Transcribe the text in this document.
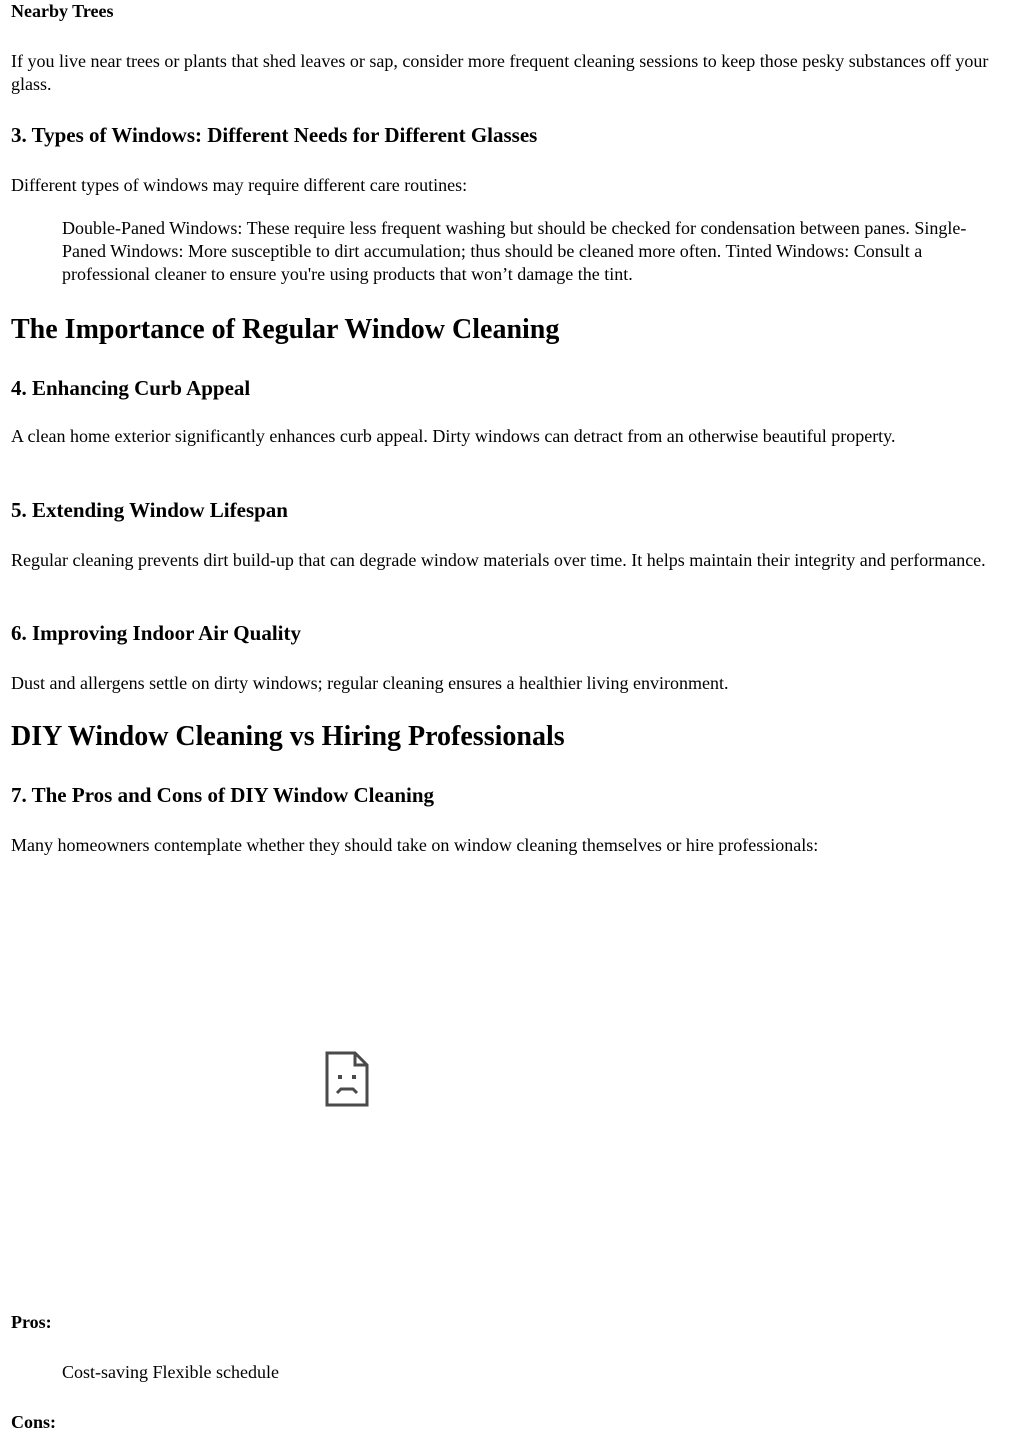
Nearby Trees

If you live near trees or plants that shed leaves or sap, consider more frequent cleaning sessions to keep those pesky substances off your glass.

3. Types of Windows: Different Needs for Different Glasses

Different types of windows may require different care routines:

Double-Paned Windows: These require less frequent washing but should be checked for condensation between panes. Single-Paned Windows: More susceptible to dirt accumulation; thus should be cleaned more often. Tinted Windows: Consult a professional cleaner to ensure you're using products that won’t damage the tint.

The Importance of Regular Window Cleaning
4. Enhancing Curb Appeal

A clean home exterior significantly enhances curb appeal. Dirty windows can detract from an otherwise beautiful property.

5. Extending Window Lifespan

Regular cleaning prevents dirt build-up that can degrade window materials over time. It helps maintain their integrity and performance.

6. Improving Indoor Air Quality

Dust and allergens settle on dirty windows; regular cleaning ensures a healthier living environment.

DIY Window Cleaning vs Hiring Professionals
7. The Pros and Cons of DIY Window Cleaning

Many homeowners contemplate whether they should take on window cleaning themselves or hire professionals:

Pros:

Cost-saving Flexible schedule

Cons:
